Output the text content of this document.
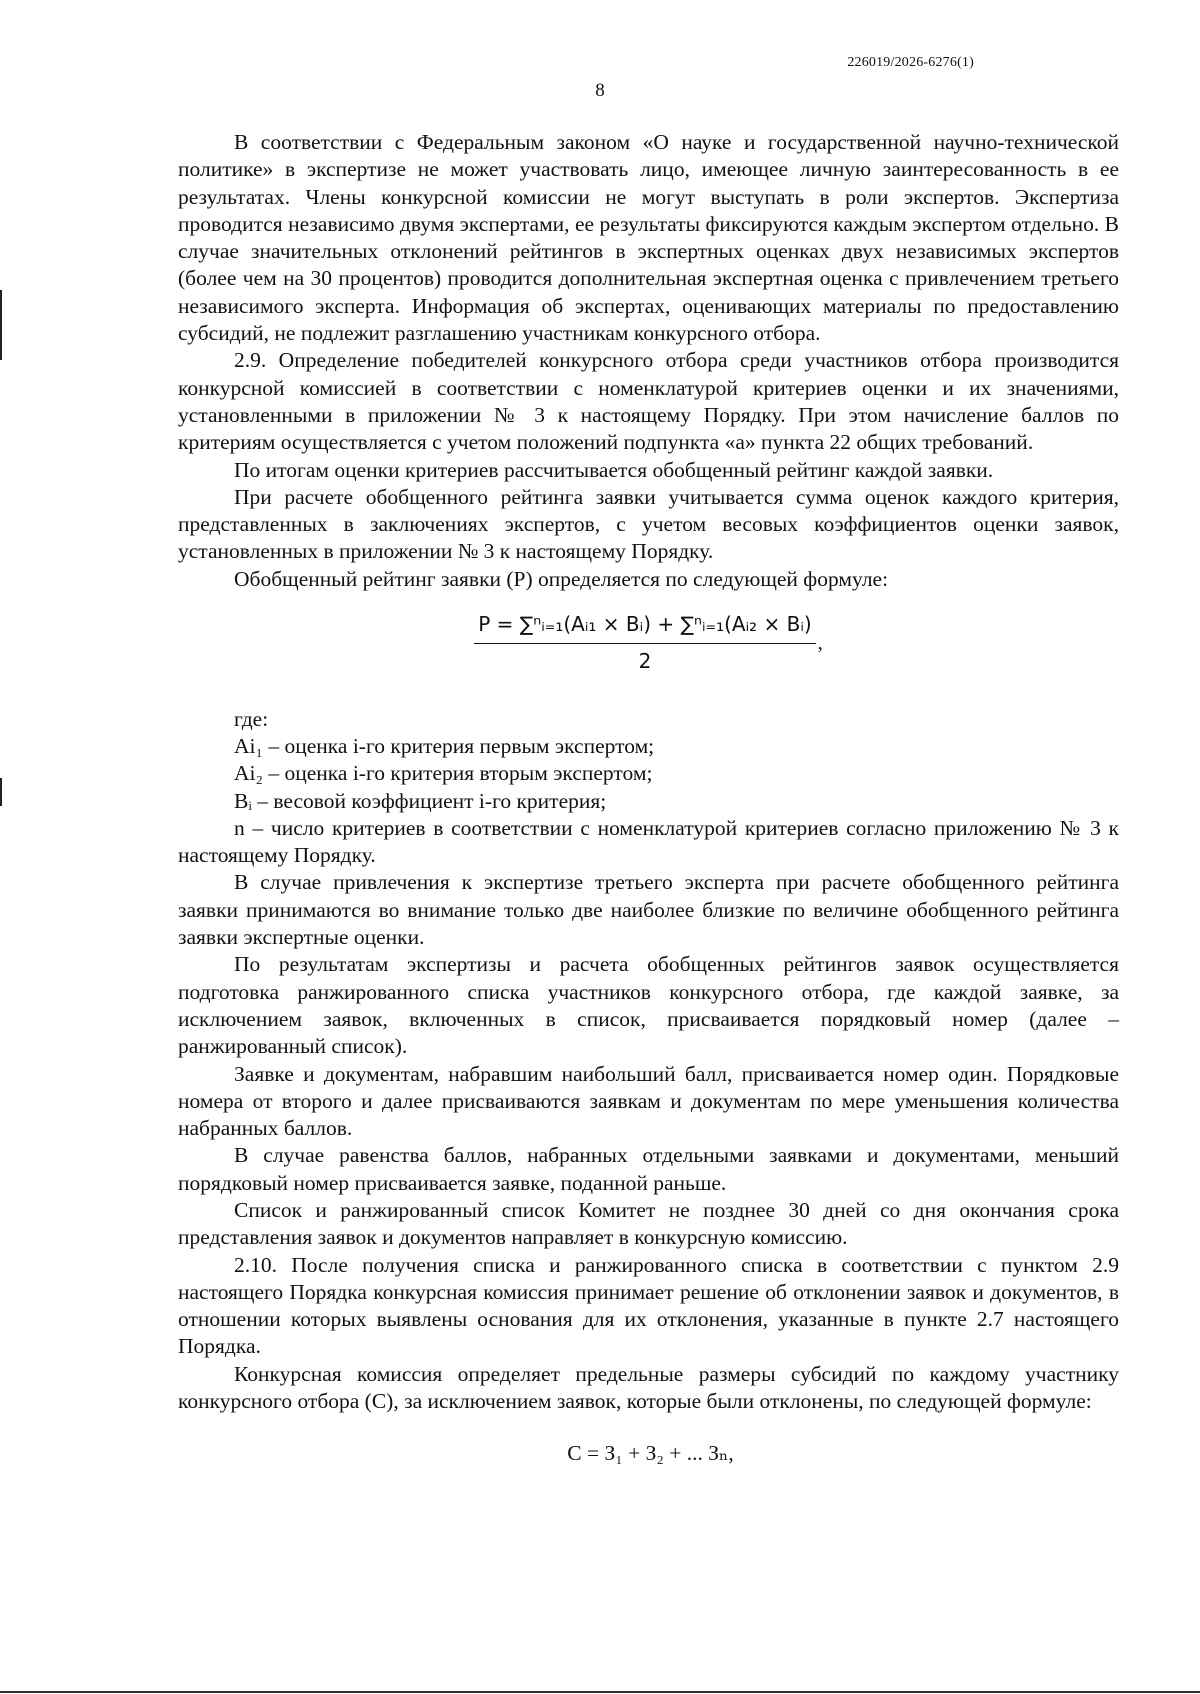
226019/2026-6276(1)
8

В соответствии с Федеральным законом «О науке и государственной научно-технической политике» в экспертизе не может участвовать лицо, имеющее личную заинтересованность в ее результатах. Члены конкурсной комиссии не могут выступать в роли экспертов. Экспертиза проводится независимо двумя экспертами, ее результаты фиксируются каждым экспертом отдельно. В случае значительных отклонений рейтингов в экспертных оценках двух независимых экспертов (более чем на 30 процентов) проводится дополнительная экспертная оценка с привлечением третьего независимого эксперта. Информация об экспертах, оценивающих материалы по предоставлению субсидий, не подлежит разглашению участникам конкурсного отбора.

2.9. Определение победителей конкурсного отбора среди участников отбора производится конкурсной комиссией в соответствии с номенклатурой критериев оценки и их значениями, установленными в приложении № 3 к настоящему Порядку. При этом начисление баллов по критериям осуществляется с учетом положений подпункта «а» пункта 22 общих требований.

По итогам оценки критериев рассчитывается обобщенный рейтинг каждой заявки.

При расчете обобщенного рейтинга заявки учитывается сумма оценок каждого критерия, представленных в заключениях экспертов, с учетом весовых коэффициентов оценки заявок, установленных в приложении № 3 к настоящему Порядку.

Обобщенный рейтинг заявки (Р) определяется по следующей формуле:

$\frac{\text{P = ∑ⁿᵢ₌₁(Aᵢ₁ × Bᵢ) + ∑ⁿᵢ₌₁(Aᵢ₂ × Bᵢ)}}{2}$ ,

где:

Ai₁ – оценка i-го критерия первым экспертом;

Ai₂ – оценка i-го критерия вторым экспертом;

Bᵢ – весовой коэффициент i-го критерия;

n – число критериев в соответствии с номенклатурой критериев согласно приложению № 3 к настоящему Порядку.

В случае привлечения к экспертизе третьего эксперта при расчете обобщенного рейтинга заявки принимаются во внимание только две наиболее близкие по величине обобщенного рейтинга заявки экспертные оценки.

По результатам экспертизы и расчета обобщенных рейтингов заявок осуществляется подготовка ранжированного списка участников конкурсного отбора, где каждой заявке, за исключением заявок, включенных в список, присваивается порядковый номер (далее – ранжированный список).

Заявке и документам, набравшим наибольший балл, присваивается номер один. Порядковые номера от второго и далее присваиваются заявкам и документам по мере уменьшения количества набранных баллов.

В случае равенства баллов, набранных отдельными заявками и документами, меньший порядковый номер присваивается заявке, поданной раньше.

Список и ранжированный список Комитет не позднее 30 дней со дня окончания срока представления заявок и документов направляет в конкурсную комиссию.

2.10. После получения списка и ранжированного списка в соответствии с пунктом 2.9 настоящего Порядка конкурсная комиссия принимает решение об отклонении заявок и документов, в отношении которых выявлены основания для их отклонения, указанные в пункте 2.7 настоящего Порядка.

Конкурсная комиссия определяет предельные размеры субсидий по каждому участнику конкурсного отбора (С), за исключением заявок, которые были отклонены, по следующей формуле:

С = З₁ + З₂ + ... Зₙ,
